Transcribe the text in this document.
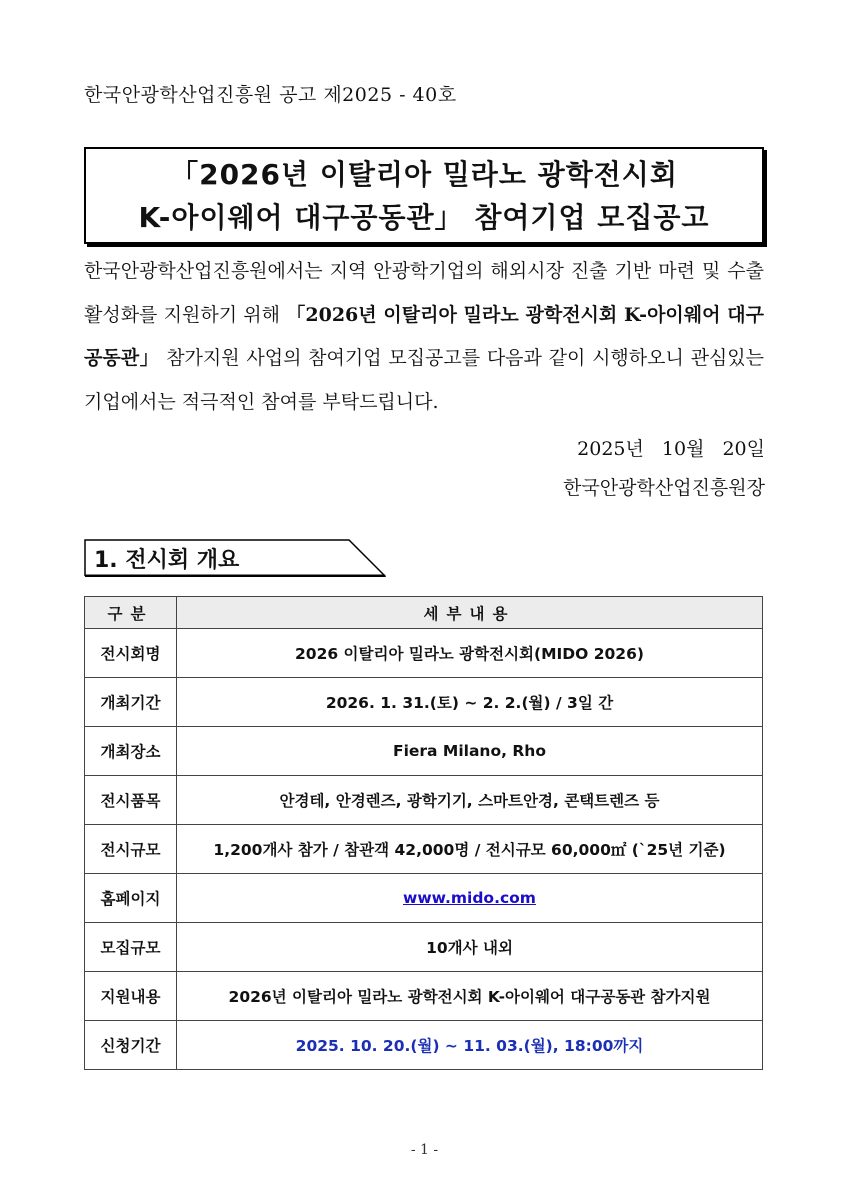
한국안광학산업진흥원 공고 제2025 - 40호
「2026년 이탈리아 밀라노 광학전시회
K-아이웨어 대구공동관」 참여기업 모집공고
한국안광학산업진흥원에서는 지역 안광학기업의 해외시장 진출 기반 마련 및 수출 활성화를 지원하기 위해 「2026년 이탈리아 밀라노 광학전시회 K-아이웨어 대구공동관」 참가지원 사업의 참여기업 모집공고를 다음과 같이 시행하오니 관심있는 기업에서는 적극적인 참여를 부탁드립니다.
2025년 10월 20일
한국안광학산업진흥원장
1. 전시회 개요
구분	세부내용
전시회명	2026 이탈리아 밀라노 광학전시회(MIDO 2026)
개최기간	2026. 1. 31.(토) ~ 2. 2.(월) / 3일 간
개최장소	Fiera Milano, Rho
전시품목	안경테, 안경렌즈, 광학기기, 스마트안경, 콘택트렌즈 등
전시규모	1,200개사 참가 / 참관객 42,000명 / 전시규모 60,000㎡ (`25년 기준)
홈페이지	www.mido.com
모집규모	10개사 내외
지원내용	2026년 이탈리아 밀라노 광학전시회 K-아이웨어 대구공동관 참가지원
신청기간	2025. 10. 20.(월) ~ 11. 03.(월), 18:00까지
- 1 -
